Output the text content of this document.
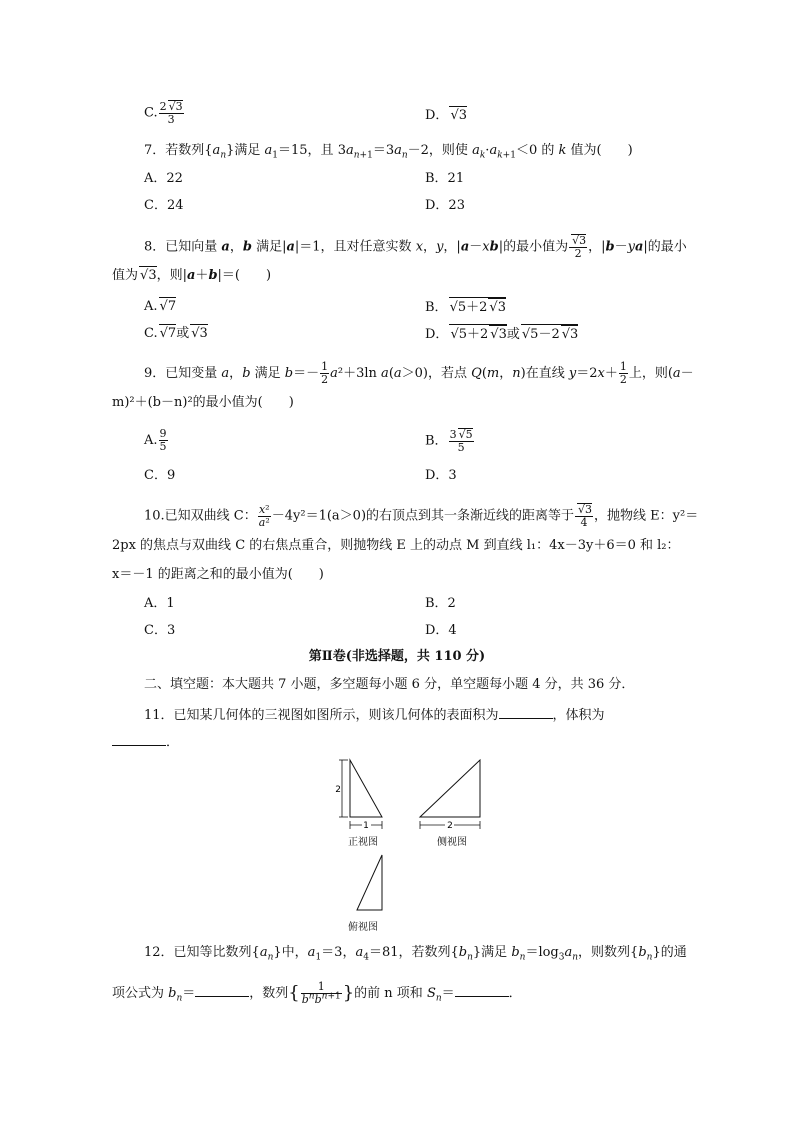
C. $\frac{2 √ 3}{3}$	D． √ 3
7．若数列$\{a_n\}$满足 $a_1=15$，且 $3a_{n+1}=3a_n-2$，则使 $a_k\cdot a_{k+1}<0$ 的 k 值为(　　)
A．22	B．21
C．24	D．23
8．已知向量 a，b 满足|a|＝1，且对任意实数 x，y，|a－xb|的最小值为 √ $\frac{3}{2}$ ，|b－ya|的最小
值为 √ 3，则|a＋b|＝(　　)
A. √ 7	B． √ 5＋2 √ 3
C. √ 7或 √ 3	D． √ 5＋2 √ 3或 √ 5－2 √ 3
9．已知变量 a，b 满足 $b=- \frac{1}{2} a^2+3\ln$ a(a＞0)，若点 Q(m，n)在直线 $y=2x+ \frac{1}{2}$ 上，则(a－
m)²＋(b－n)²的最小值为(　　)
A. $\frac{9}{5}$	B． $\frac{3 √ 5}{5}$
C．9	D．3
10.已知双曲线 C： $\frac{\text{x²}}{\text{a²}} -4y^2=1(a>0)$的右顶点到其一条渐近线的距离等于 √ $\frac{3}{4}$ ，抛物线 E：y²＝
2px 的焦点与双曲线 C 的右焦点重合，则抛物线 E 上的动点 M 到直线 l₁：4x－3y＋6＝0 和 l₂：
x＝－1 的距离之和的最小值为(　　)
A．1	B．2
C．3	D．4
第Ⅱ卷(非选择题，共 110 分)
二、填空题：本大题共 7 小题，多空题每小题 6 分，单空题每小题 4 分，共 36 分．
11．已知某几何体的三视图如图所示，则该几何体的表面积为	，体积为
．
2
1	2
正视图	侧视图
俯视图
12．已知等比数列$\{a_n\}$中，$a_1=3$，$a_4=81$，若数列$\{b_n\}$满足 $b_n=\log_3a_n$，则数列$\{b_n\}$的通
项公式为 $b_n=$	，数列{ $\frac{1}{b^nb^{n+1}}$ }的前 n 项和 $S_n=$	．
